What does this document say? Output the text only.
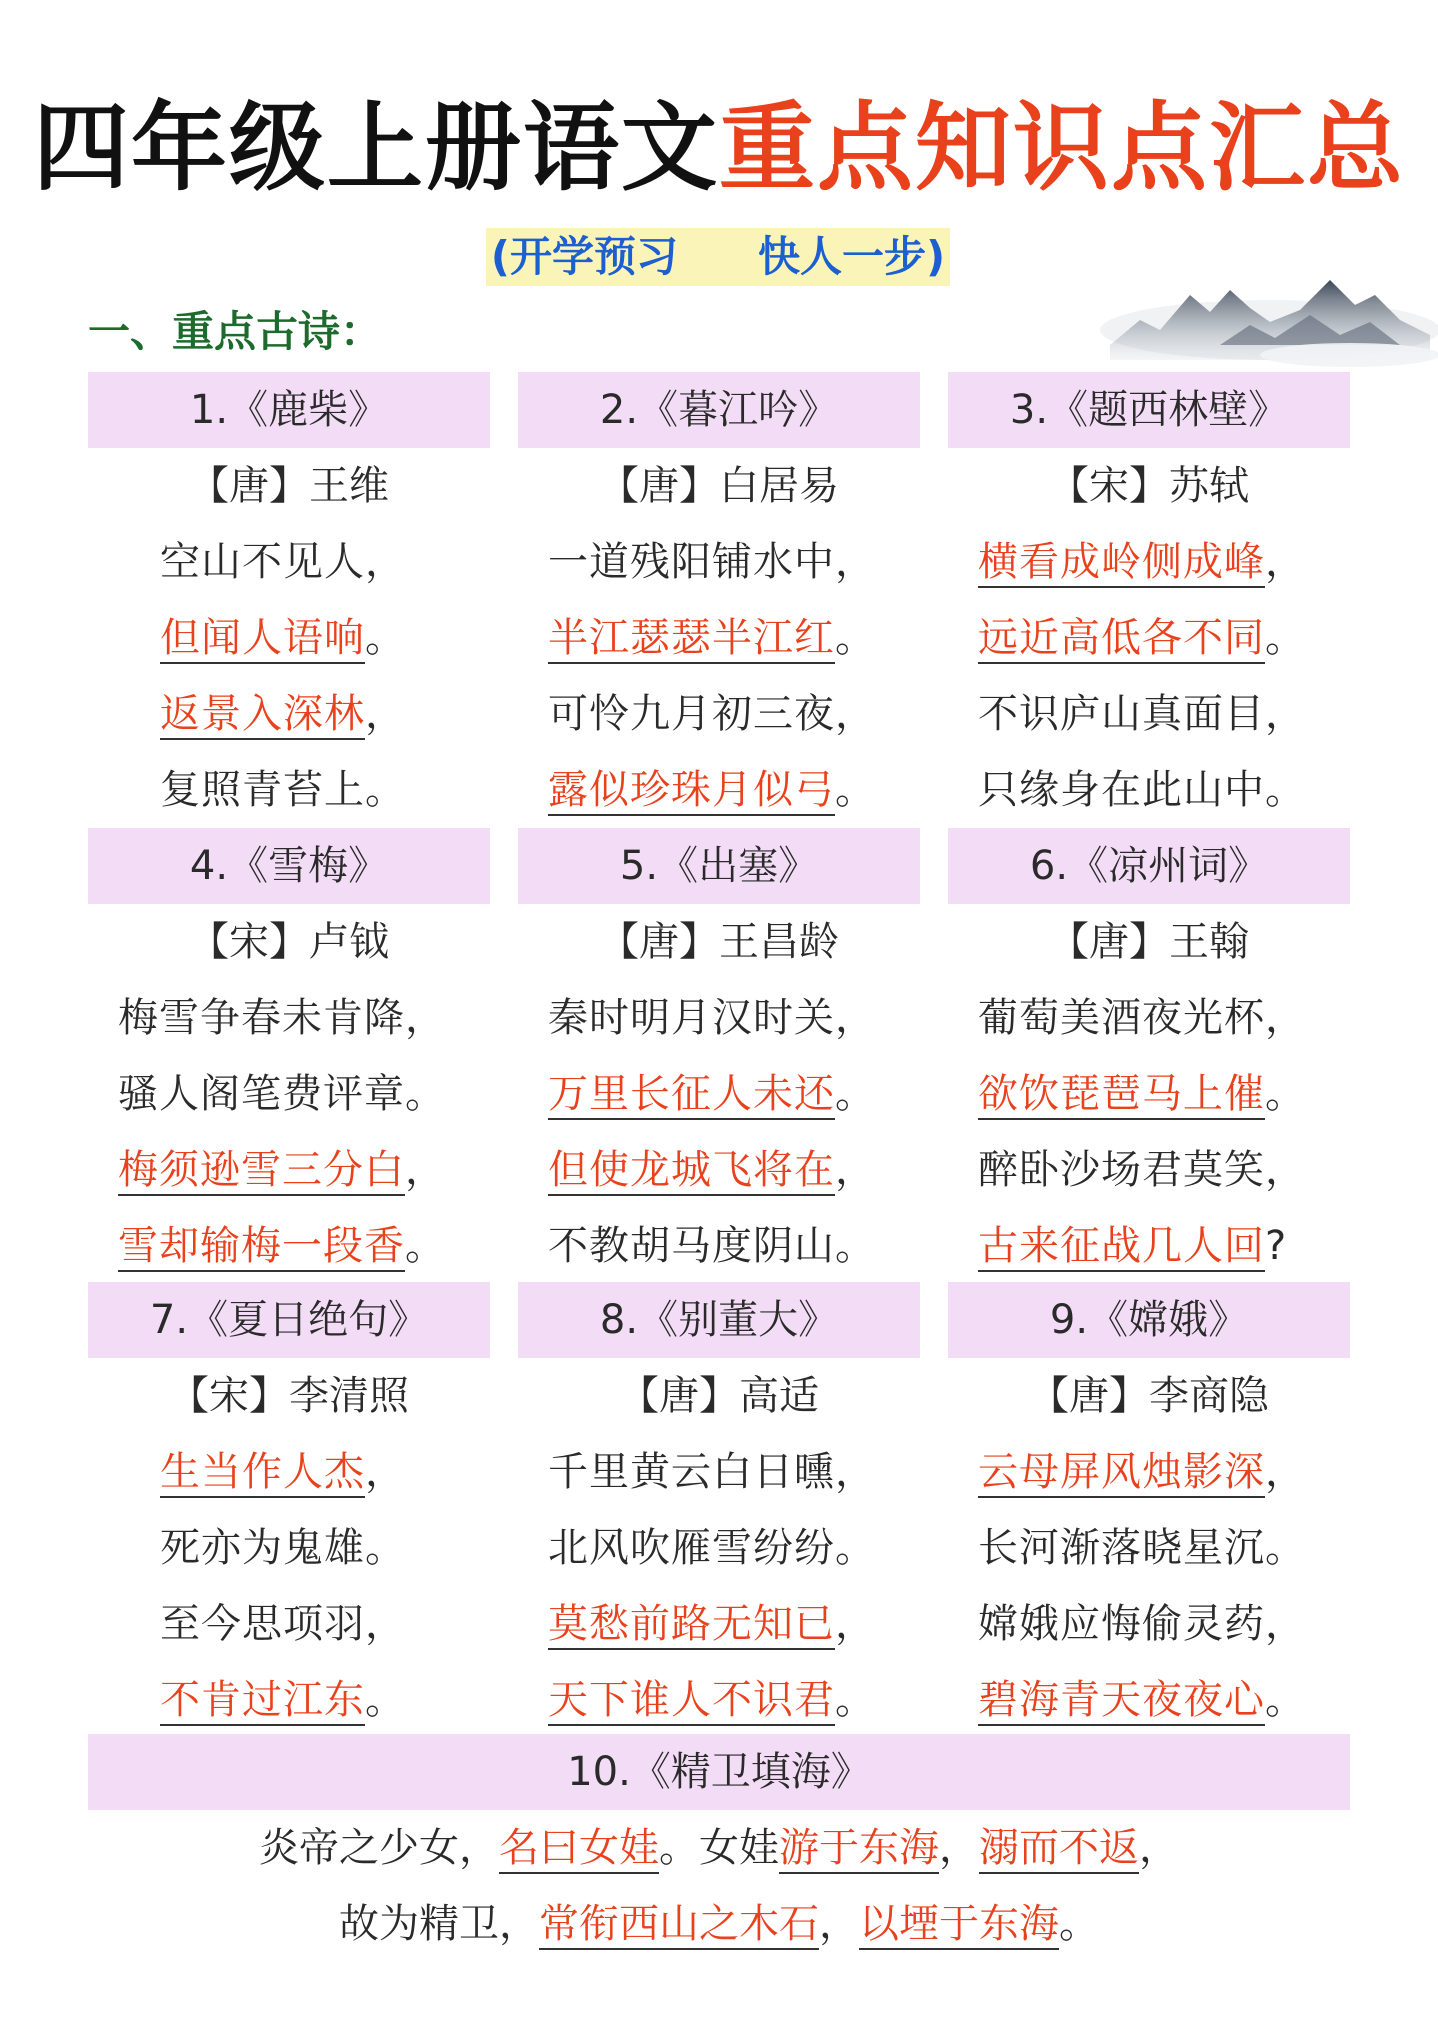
四年级上册语文重点知识点汇总
(开学预习 快人一步)
一、重点古诗：
1.《鹿柴》
【唐】王维
空山不见人，
但闻人语响。
返景入深林，
复照青苔上。
2.《暮江吟》
【唐】白居易
一道残阳铺水中，
半江瑟瑟半江红。
可怜九月初三夜，
露似珍珠月似弓。
3.《题西林壁》
【宋】苏轼
横看成岭侧成峰，
远近高低各不同。
不识庐山真面目，
只缘身在此山中。
4.《雪梅》
【宋】卢钺
梅雪争春未肯降，
骚人阁笔费评章。
梅须逊雪三分白，
雪却输梅一段香。
5.《出塞》
【唐】王昌龄
秦时明月汉时关，
万里长征人未还。
但使龙城飞将在，
不教胡马度阴山。
6.《凉州词》
【唐】王翰
葡萄美酒夜光杯，
欲饮琵琶马上催。
醉卧沙场君莫笑，
古来征战几人回?
7.《夏日绝句》
【宋】李清照
生当作人杰，
死亦为鬼雄。
至今思项羽，
不肯过江东。
8.《别董大》
【唐】高适
千里黄云白日曛，
北风吹雁雪纷纷。
莫愁前路无知已，
天下谁人不识君。
9.《嫦娥》
【唐】李商隐
云母屏风烛影深，
长河渐落晓星沉。
嫦娥应悔偷灵药，
碧海青天夜夜心。
10.《精卫填海》
炎帝之少女，名曰女娃。女娃游于东海，溺而不返，
故为精卫，常衔西山之木石，以堙于东海。
